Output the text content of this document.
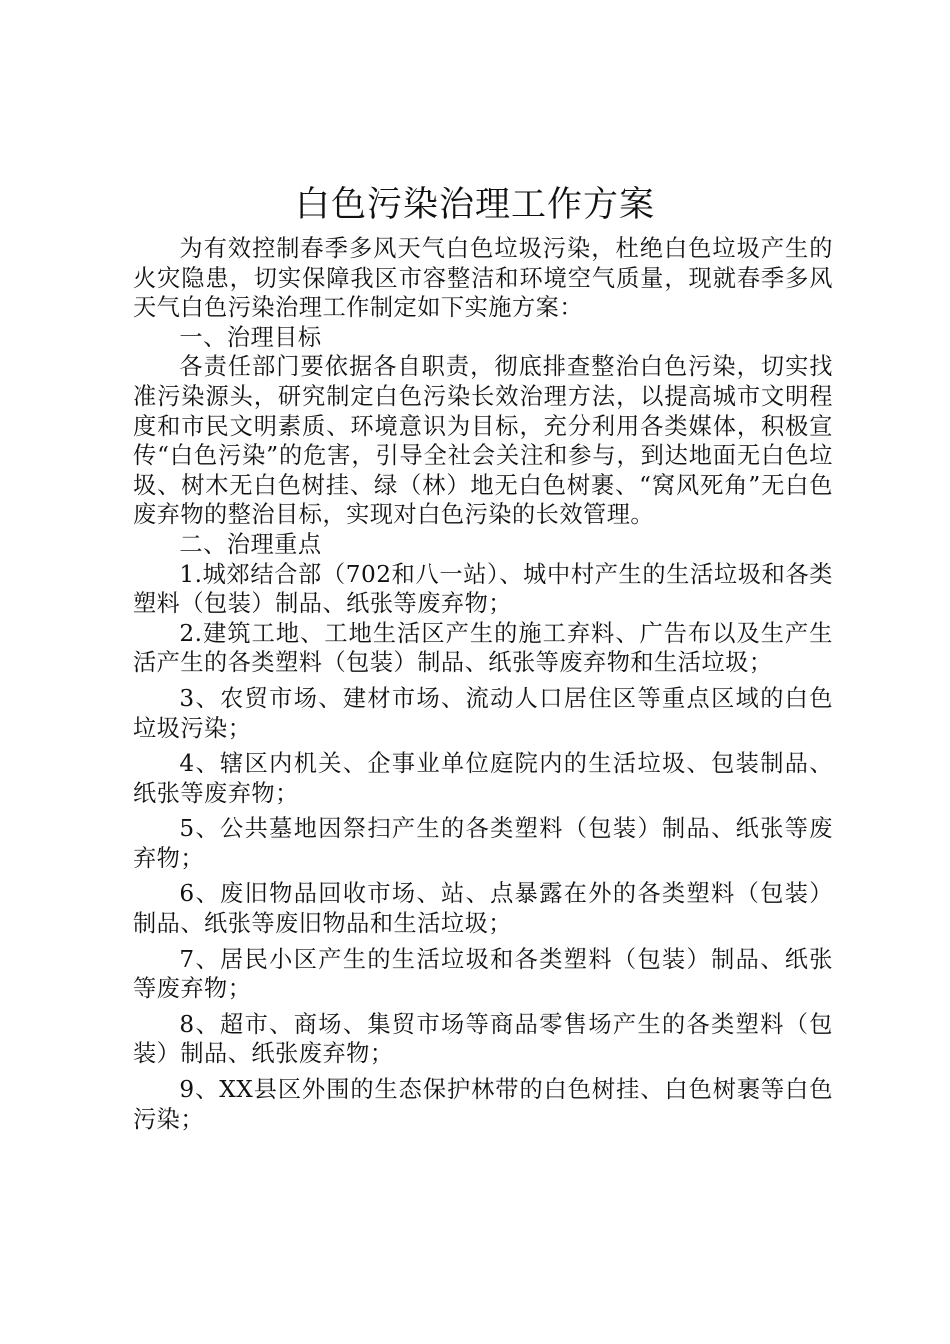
白色污染治理工作方案

为有效控制春季多风天气白色垃圾污染，杜绝白色垃圾产生的火灾隐患，切实保障我区市容整洁和环境空气质量，现就春季多风天气白色污染治理工作制定如下实施方案：

一、治理目标

各责任部门要依据各自职责，彻底排查整治白色污染，切实找准污染源头，研究制定白色污染长效治理方法，以提高城市文明程度和市民文明素质、环境意识为目标，充分利用各类媒体，积极宣传“白色污染”的危害，引导全社会关注和参与，到达地面无白色垃圾、树木无白色树挂、绿（林）地无白色树裹、“窝风死角”无白色废弃物的整治目标，实现对白色污染的长效管理。

二、治理重点

1.城郊结合部（702和八一站）、城中村产生的生活垃圾和各类塑料（包装）制品、纸张等废弃物；

2.建筑工地、工地生活区产生的施工弃料、广告布以及生产生活产生的各类塑料（包装）制品、纸张等废弃物和生活垃圾；

3、农贸市场、建材市场、流动人口居住区等重点区域的白色垃圾污染；

4、辖区内机关、企事业单位庭院内的生活垃圾、包装制品、纸张等废弃物；

5、公共墓地因祭扫产生的各类塑料（包装）制品、纸张等废弃物；

6、废旧物品回收市场、站、点暴露在外的各类塑料（包装）制品、纸张等废旧物品和生活垃圾；

7、居民小区产生的生活垃圾和各类塑料（包装）制品、纸张等废弃物；

8、超市、商场、集贸市场等商品零售场产生的各类塑料（包装）制品、纸张废弃物；

9、XX县区外围的生态保护林带的白色树挂、白色树裹等白色污染；
